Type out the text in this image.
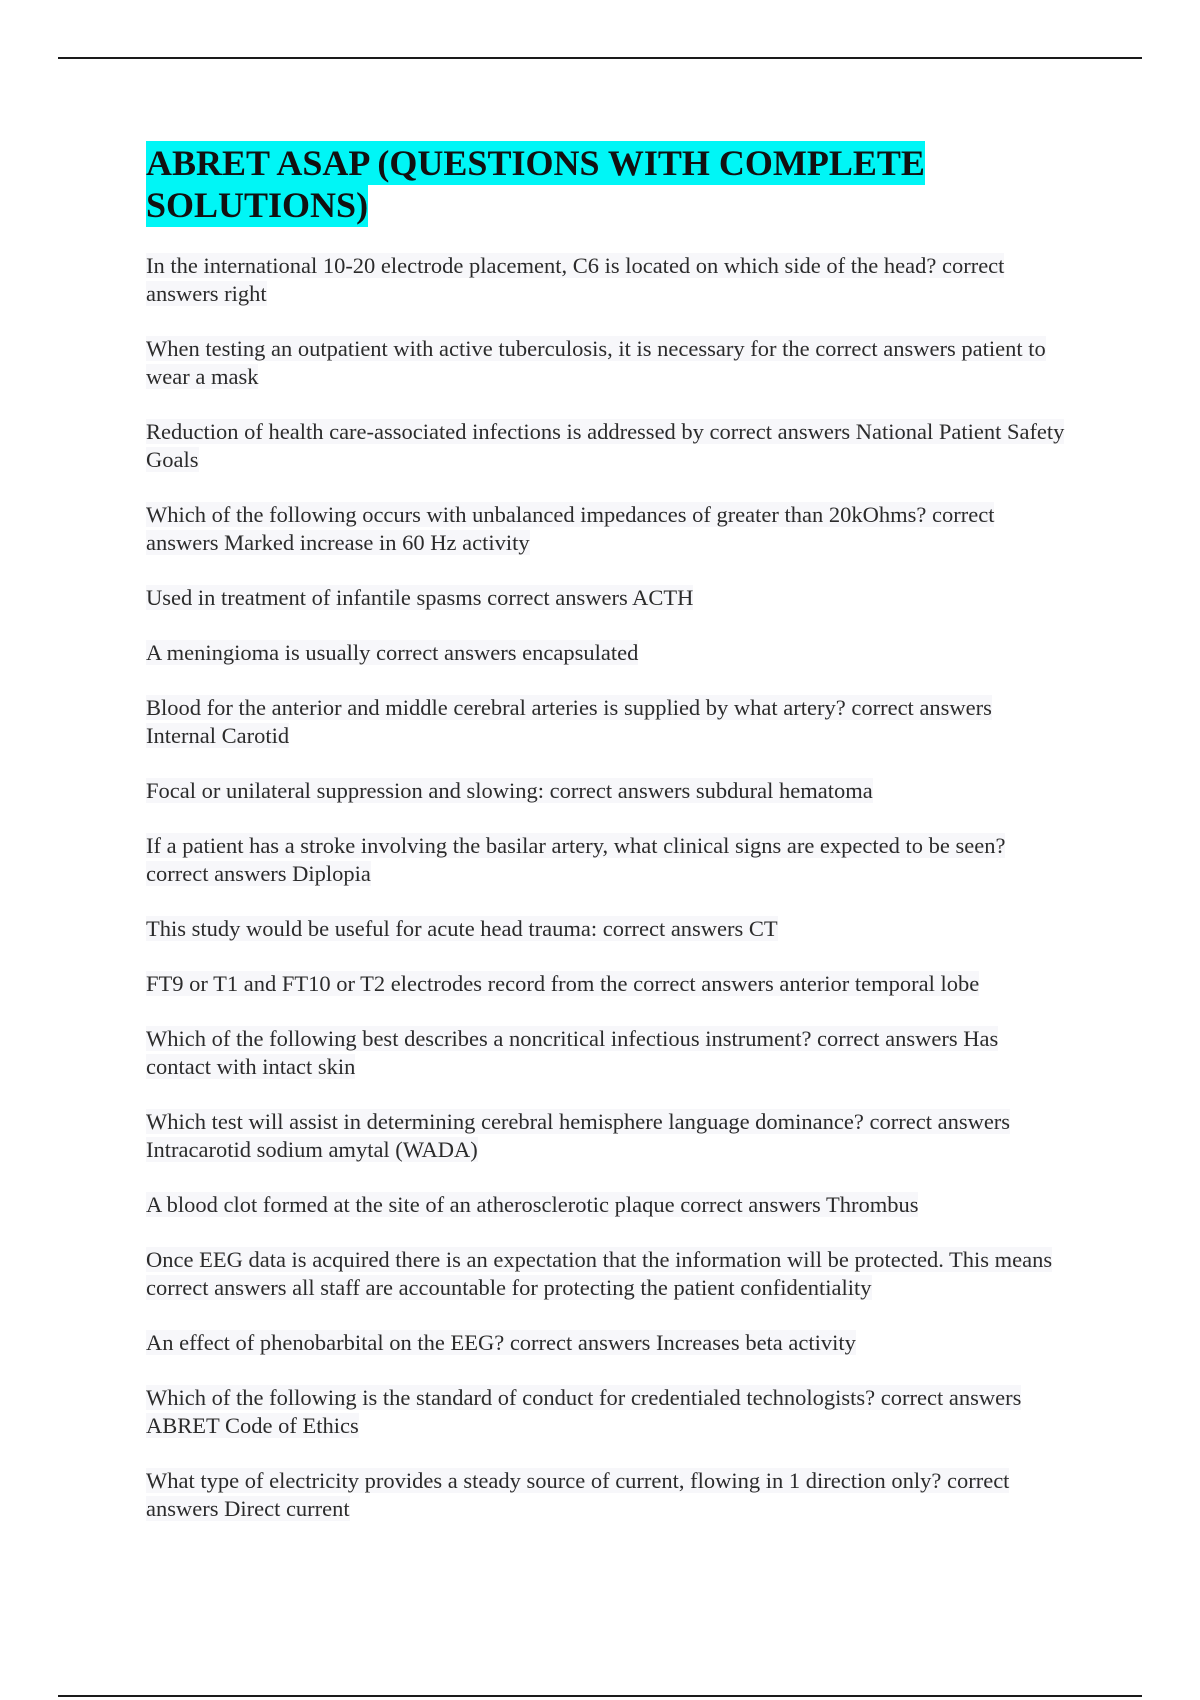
ABRET ASAP (QUESTIONS WITH COMPLETE SOLUTIONS)
In the international 10-20 electrode placement, C6 is located on which side of the head? correct answers right
When testing an outpatient with active tuberculosis, it is necessary for the correct answers patient to wear a mask
Reduction of health care-associated infections is addressed by correct answers National Patient Safety Goals
Which of the following occurs with unbalanced impedances of greater than 20kOhms? correct answers Marked increase in 60 Hz activity
Used in treatment of infantile spasms correct answers ACTH
A meningioma is usually correct answers encapsulated
Blood for the anterior and middle cerebral arteries is supplied by what artery? correct answers Internal Carotid
Focal or unilateral suppression and slowing: correct answers subdural hematoma
If a patient has a stroke involving the basilar artery, what clinical signs are expected to be seen? correct answers Diplopia
This study would be useful for acute head trauma: correct answers CT
FT9 or T1 and FT10 or T2 electrodes record from the correct answers anterior temporal lobe
Which of the following best describes a noncritical infectious instrument? correct answers Has contact with intact skin
Which test will assist in determining cerebral hemisphere language dominance? correct answers Intracarotid sodium amytal (WADA)
A blood clot formed at the site of an atherosclerotic plaque correct answers Thrombus
Once EEG data is acquired there is an expectation that the information will be protected. This means correct answers all staff are accountable for protecting the patient confidentiality
An effect of phenobarbital on the EEG? correct answers Increases beta activity
Which of the following is the standard of conduct for credentialed technologists? correct answers ABRET Code of Ethics
What type of electricity provides a steady source of current, flowing in 1 direction only? correct answers Direct current
